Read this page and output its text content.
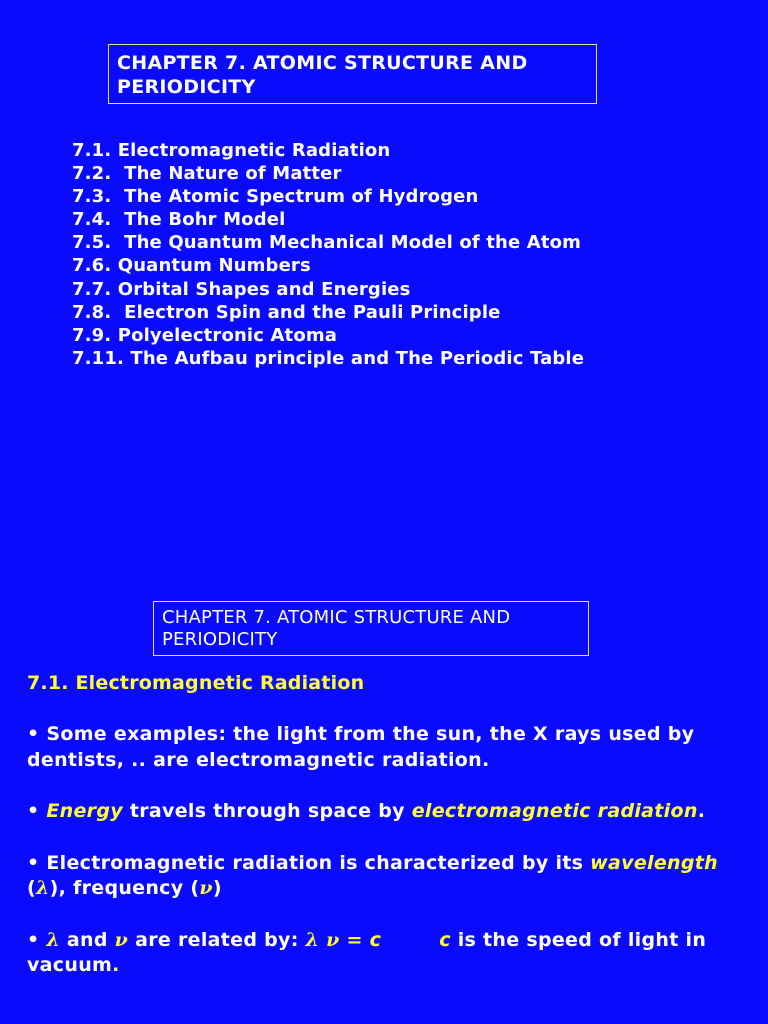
CHAPTER 7. ATOMIC STRUCTURE AND PERIODICITY
7.1. Electromagnetic Radiation
7.2.  The Nature of Matter
7.3.  The Atomic Spectrum of Hydrogen
7.4.  The Bohr Model
7.5.  The Quantum Mechanical Model of the Atom
7.6. Quantum Numbers
7.7. Orbital Shapes and Energies
7.8.  Electron Spin and the Pauli Principle
7.9. Polyelectronic Atoma
7.11. The Aufbau principle and The Periodic Table
CHAPTER 7. ATOMIC STRUCTURE AND PERIODICITY
7.1. Electromagnetic Radiation
• Some examples: the light from the sun, the X rays used by dentists, .. are electromagnetic radiation.
• Energy travels through space by electromagnetic radiation.
• Electromagnetic radiation is characterized by its wavelength (λ), frequency (ν)
• λ and ν are related by: λ ν = c	c is the speed of light in vacuum.
